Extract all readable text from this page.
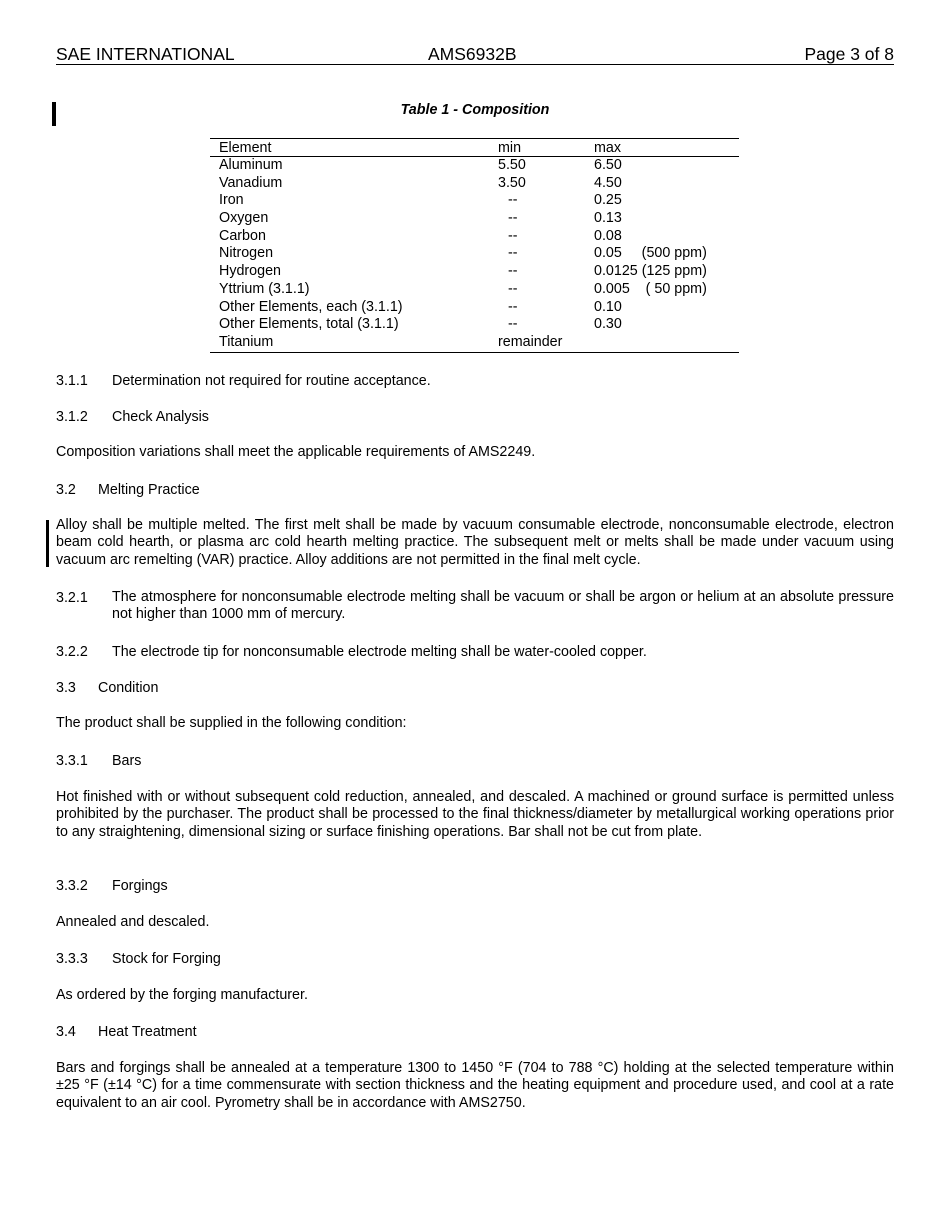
SAE INTERNATIONAL	AMS6932B	Page 3 of 8
Table 1 - Composition
Element	min	max
Aluminum	5.50	6.50
Vanadium	3.50	4.50
Iron	--	0.25
Oxygen	--	0.13
Carbon	--	0.08
Nitrogen	--	0.05     (500 ppm)
Hydrogen	--	0.0125 (125 ppm)
Yttrium (3.1.1)	--	0.005    ( 50 ppm)
Other Elements, each (3.1.1)	--	0.10
Other Elements, total (3.1.1)	--	0.30
Titanium	remainder
3.1.1 Determination not required for routine acceptance.
3.1.2 Check Analysis

Composition variations shall meet the applicable requirements of AMS2249.

3.2 Melting Practice

Alloy shall be multiple melted. The first melt shall be made by vacuum consumable electrode, nonconsumable electrode, electron beam cold hearth, or plasma arc cold hearth melting practice. The subsequent melt or melts shall be made under vacuum using vacuum arc remelting (VAR) practice. Alloy additions are not permitted in the final melt cycle.

3.2.1 The atmosphere for nonconsumable electrode melting shall be vacuum or shall be argon or helium at an absolute pressure not higher than 1000 mm of mercury.
3.2.2 The electrode tip for nonconsumable electrode melting shall be water-cooled copper.
3.3 Condition

The product shall be supplied in the following condition:

3.3.1 Bars

Hot finished with or without subsequent cold reduction, annealed, and descaled. A machined or ground surface is permitted unless prohibited by the purchaser. The product shall be processed to the final thickness/diameter by metallurgical working operations prior to any straightening, dimensional sizing or surface finishing operations. Bar shall not be cut from plate.

3.3.2 Forgings

Annealed and descaled.

3.3.3 Stock for Forging

As ordered by the forging manufacturer.

3.4 Heat Treatment

Bars and forgings shall be annealed at a temperature 1300 to 1450 °F (704 to 788 °C) holding at the selected temperature within ±25 °F (±14 °C) for a time commensurate with section thickness and the heating equipment and procedure used, and cool at a rate equivalent to an air cool. Pyrometry shall be in accordance with AMS2750.
